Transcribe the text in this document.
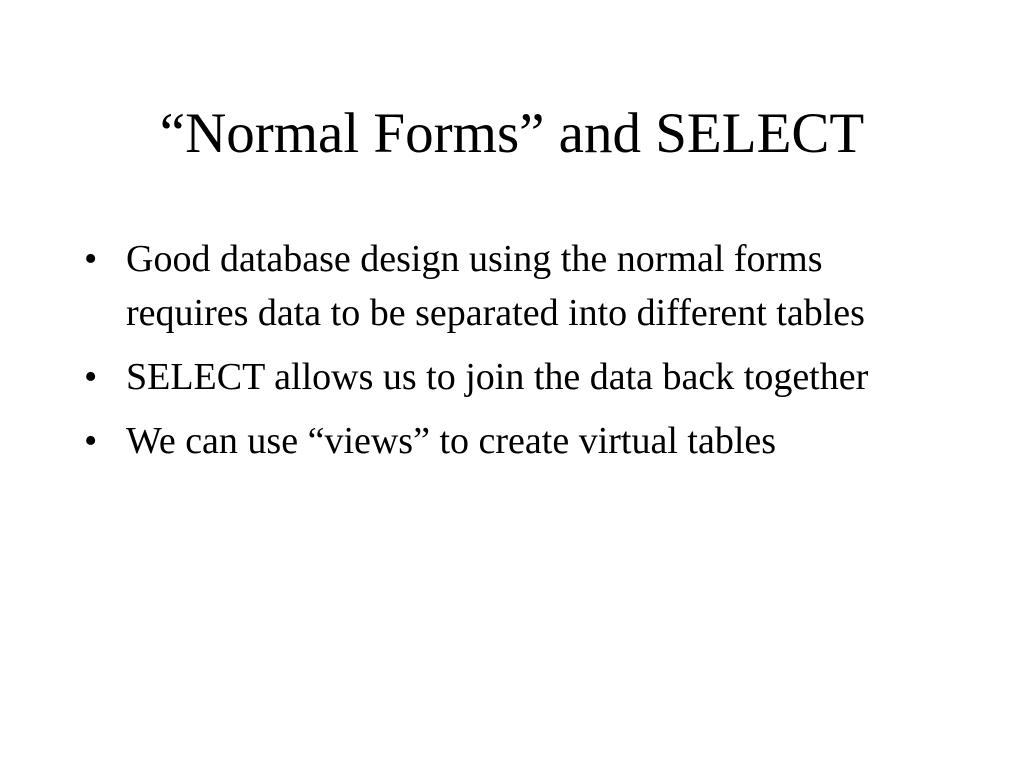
“Normal Forms” and SELECT
• Good database design using the normal forms requires data to be separated into different tables
• SELECT allows us to join the data back together
• We can use “views” to create virtual tables
